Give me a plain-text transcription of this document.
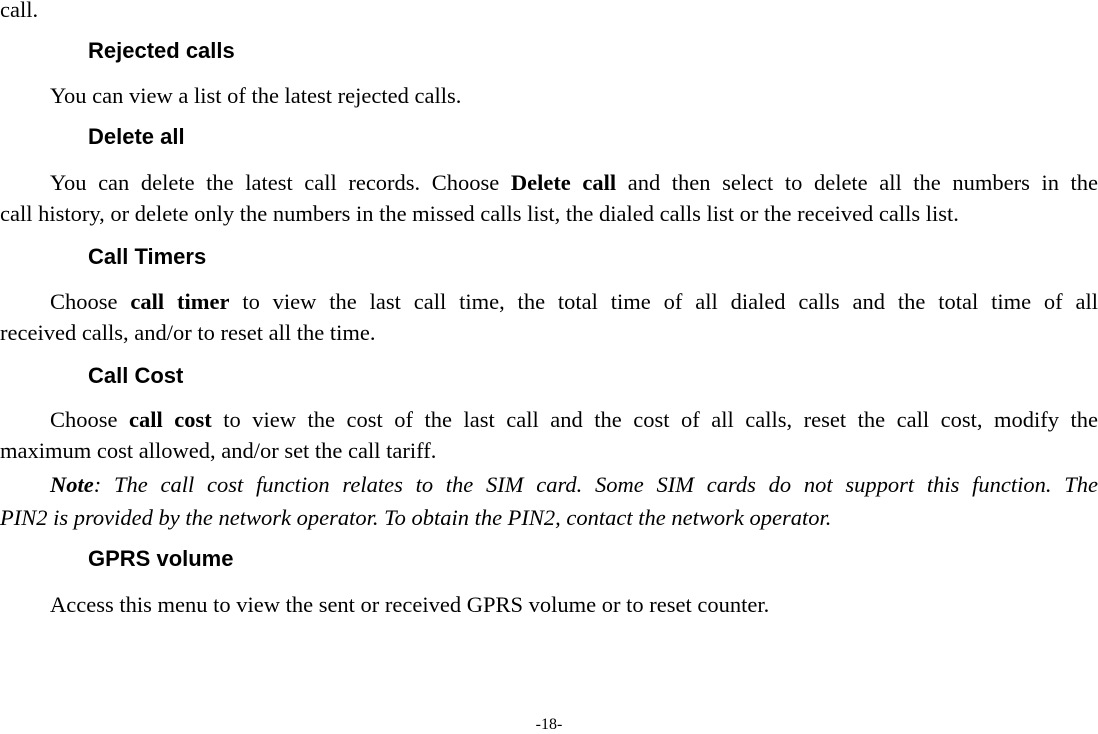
call.
Rejected calls
You can view a list of the latest rejected calls.
Delete all
You can delete the latest call records. Choose Delete call and then select to delete all the numbers in the
call history, or delete only the numbers in the missed calls list, the dialed calls list or the received calls list.
Call Timers
Choose call timer to view the last call time, the total time of all dialed calls and the total time of all
received calls, and/or to reset all the time.
Call Cost
Choose call cost to view the cost of the last call and the cost of all calls, reset the call cost, modify the
maximum cost allowed, and/or set the call tariff.
Note: The call cost function relates to the SIM card. Some SIM cards do not support this function. The
PIN2 is provided by the network operator. To obtain the PIN2, contact the network operator.
GPRS volume
Access this menu to view the sent or received GPRS volume or to reset counter.
-18-
